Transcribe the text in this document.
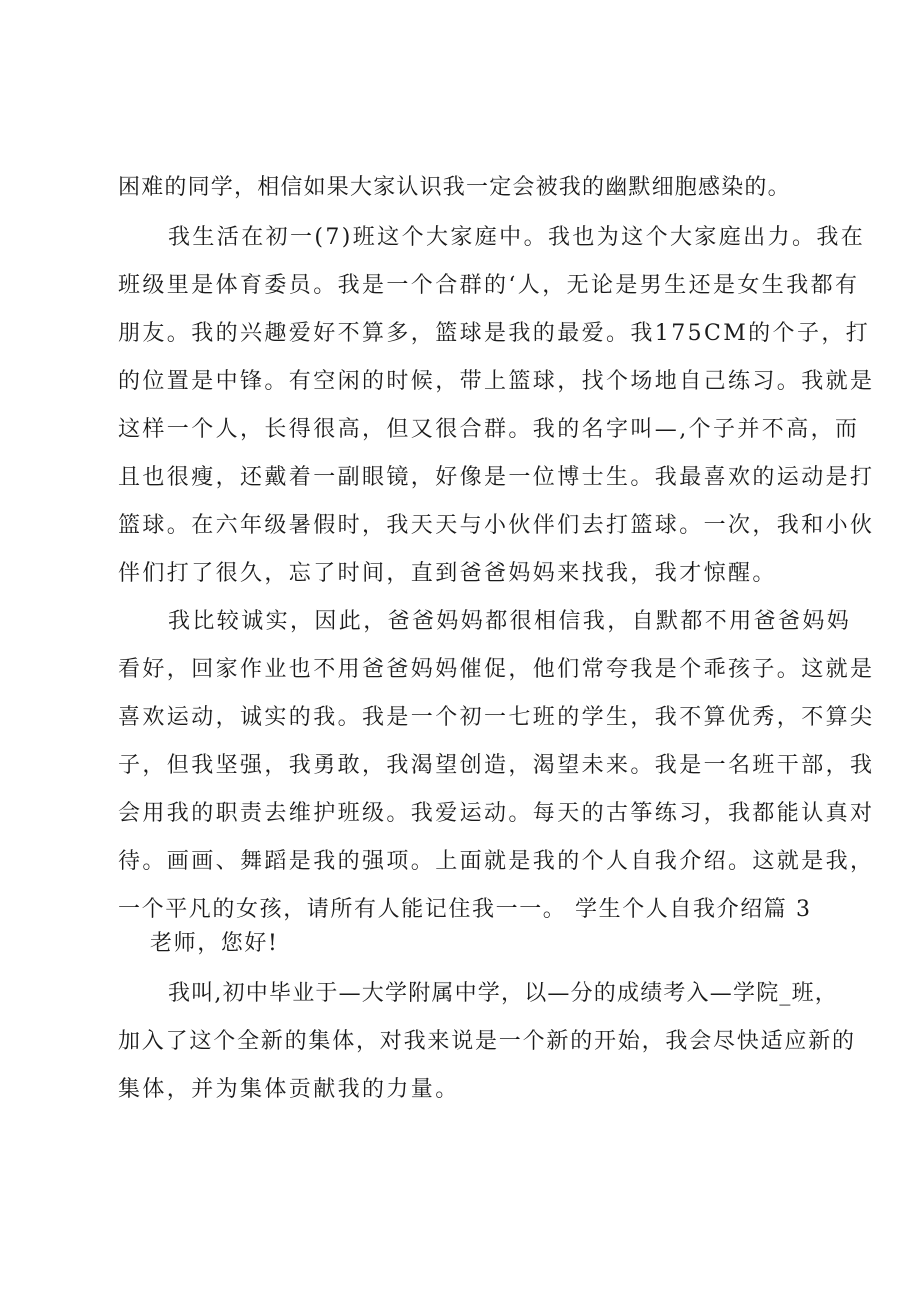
困难的同学，相信如果大家认识我一定会被我的幽默细胞感染的。
我生活在初一(7)班这个大家庭中。我也为这个大家庭出力。我在
班级里是体育委员。我是一个合群的‘人，无论是男生还是女生我都有
朋友。我的兴趣爱好不算多，篮球是我的最爱。我175CM的个子，打
的位置是中锋。有空闲的时候，带上篮球，找个场地自己练习。我就是
这样一个人，长得很高，但又很合群。我的名字叫—,个子并不高，而
且也很瘦，还戴着一副眼镜，好像是一位博士生。我最喜欢的运动是打
篮球。在六年级暑假时，我天天与小伙伴们去打篮球。一次，我和小伙
伴们打了很久，忘了时间，直到爸爸妈妈来找我，我才惊醒。
我比较诚实，因此，爸爸妈妈都很相信我，自默都不用爸爸妈妈
看好，回家作业也不用爸爸妈妈催促，他们常夸我是个乖孩子。这就是
喜欢运动，诚实的我。我是一个初一七班的学生，我不算优秀，不算尖
子，但我坚强，我勇敢，我渴望创造，渴望未来。我是一名班干部，我
会用我的职责去维护班级。我爱运动。每天的古筝练习，我都能认真对
待。画画、舞蹈是我的强项。上面就是我的个人自我介绍。这就是我，
一个平凡的女孩，请所有人能记住我一一。 学生个人自我介绍篇 3
老师，您好!
我叫,初中毕业于—大学附属中学，以—分的成绩考入—学院_班，
加入了这个全新的集体，对我来说是一个新的开始，我会尽快适应新的
集体，并为集体贡献我的力量。
